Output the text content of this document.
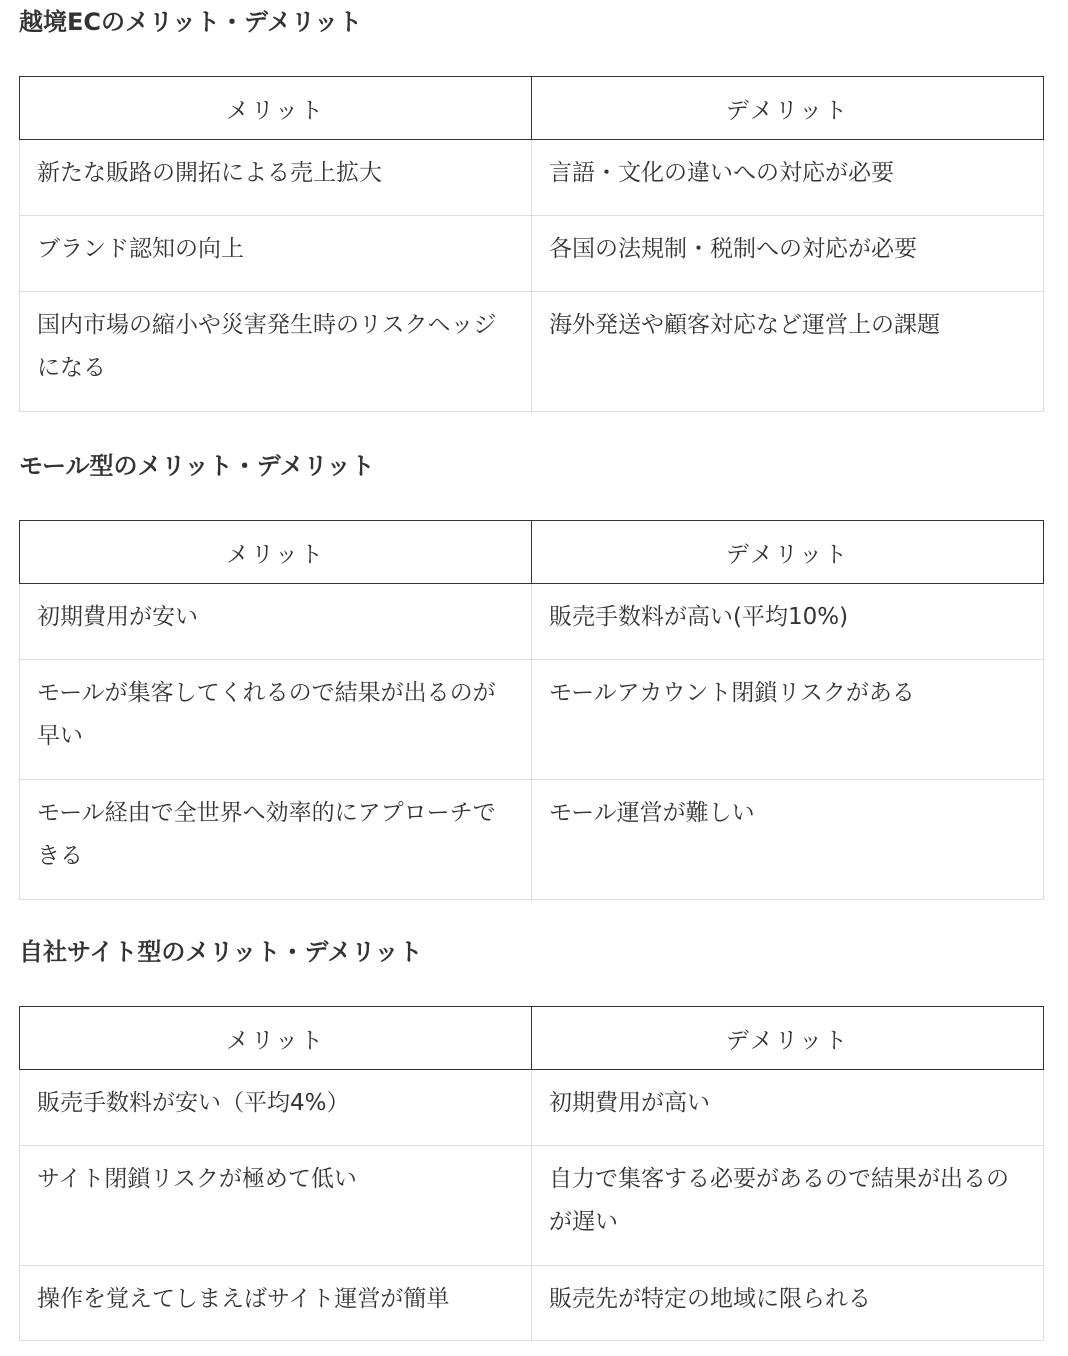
越境ECのメリット・デメリット
メリット	デメリット

新たな販路の開拓による売上拡大	言語・文化の違いへの対応が必要

ブランド認知の向上	各国の法規制・税制への対応が必要

国内市場の縮小や災害発生時のリスクヘッジになる	海外発送や顧客対応など運営上の課題
モール型のメリット・デメリット
メリット	デメリット

初期費用が安い	販売手数料が高い(平均10%)

モールが集客してくれるので結果が出るのが早い	モールアカウント閉鎖リスクがある

モール経由で全世界へ効率的にアプローチできる	モール運営が難しい
自社サイト型のメリット・デメリット
メリット	デメリット

販売手数料が安い（平均4%）	初期費用が高い

サイト閉鎖リスクが極めて低い	自力で集客する必要があるので結果が出るのが遅い

操作を覚えてしまえばサイト運営が簡単	販売先が特定の地域に限られる
